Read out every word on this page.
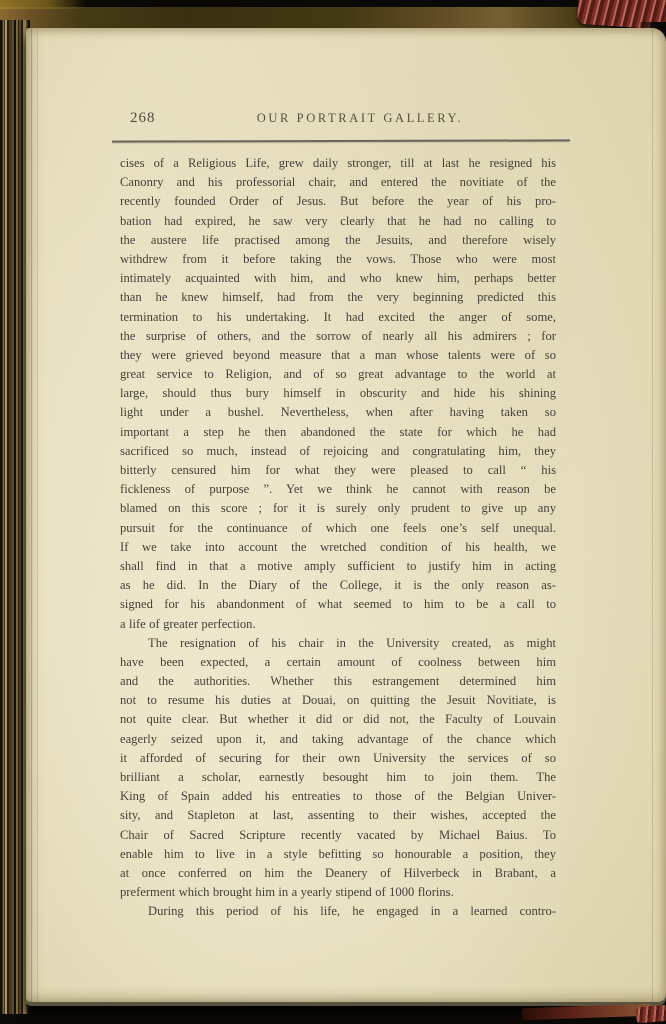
268	OUR PORTRAIT GALLERY.
cises of a Religious Life, grew daily stronger, till at last he resigned his
Canonry and his professorial chair, and entered the novitiate of the
recently founded Order of Jesus. But before the year of his pro-
bation had expired, he saw very clearly that he had no calling to
the austere life practised among the Jesuits, and therefore wisely
withdrew from it before taking the vows. Those who were most
intimately acquainted with him, and who knew him, perhaps better
than he knew himself, had from the very beginning predicted this
termination to his undertaking. It had excited the anger of some,
the surprise of others, and the sorrow of nearly all his admirers ; for
they were grieved beyond measure that a man whose talents were of so
great service to Religion, and of so great advantage to the world at
large, should thus bury himself in obscurity and hide his shining
light under a bushel. Nevertheless, when after having taken so
important a step he then abandoned the state for which he had
sacrificed so much, instead of rejoicing and congratulating him, they
bitterly censured him for what they were pleased to call “ his
fickleness of purpose ”. Yet we think he cannot with reason be
blamed on this score ; for it is surely only prudent to give up any
pursuit for the continuance of which one feels one’s self unequal.
If we take into account the wretched condition of his health, we
shall find in that a motive amply sufficient to justify him in acting
as he did. In the Diary of the College, it is the only reason as-
signed for his abandonment of what seemed to him to be a call to
a life of greater perfection.
The resignation of his chair in the University created, as might
have been expected, a certain amount of coolness between him
and the authorities. Whether this estrangement determined him
not to resume his duties at Douai, on quitting the Jesuit Novitiate, is
not quite clear. But whether it did or did not, the Faculty of Louvain
eagerly seized upon it, and taking advantage of the chance which
it afforded of securing for their own University the services of so
brilliant a scholar, earnestly besought him to join them. The
King of Spain added his entreaties to those of the Belgian Univer-
sity, and Stapleton at last, assenting to their wishes, accepted the
Chair of Sacred Scripture recently vacated by Michael Baius. To
enable him to live in a style befitting so honourable a position, they
at once conferred on him the Deanery of Hilverbeck in Brabant, a
preferment which brought him in a yearly stipend of 1000 florins.
During this period of his life, he engaged in a learned contro-
